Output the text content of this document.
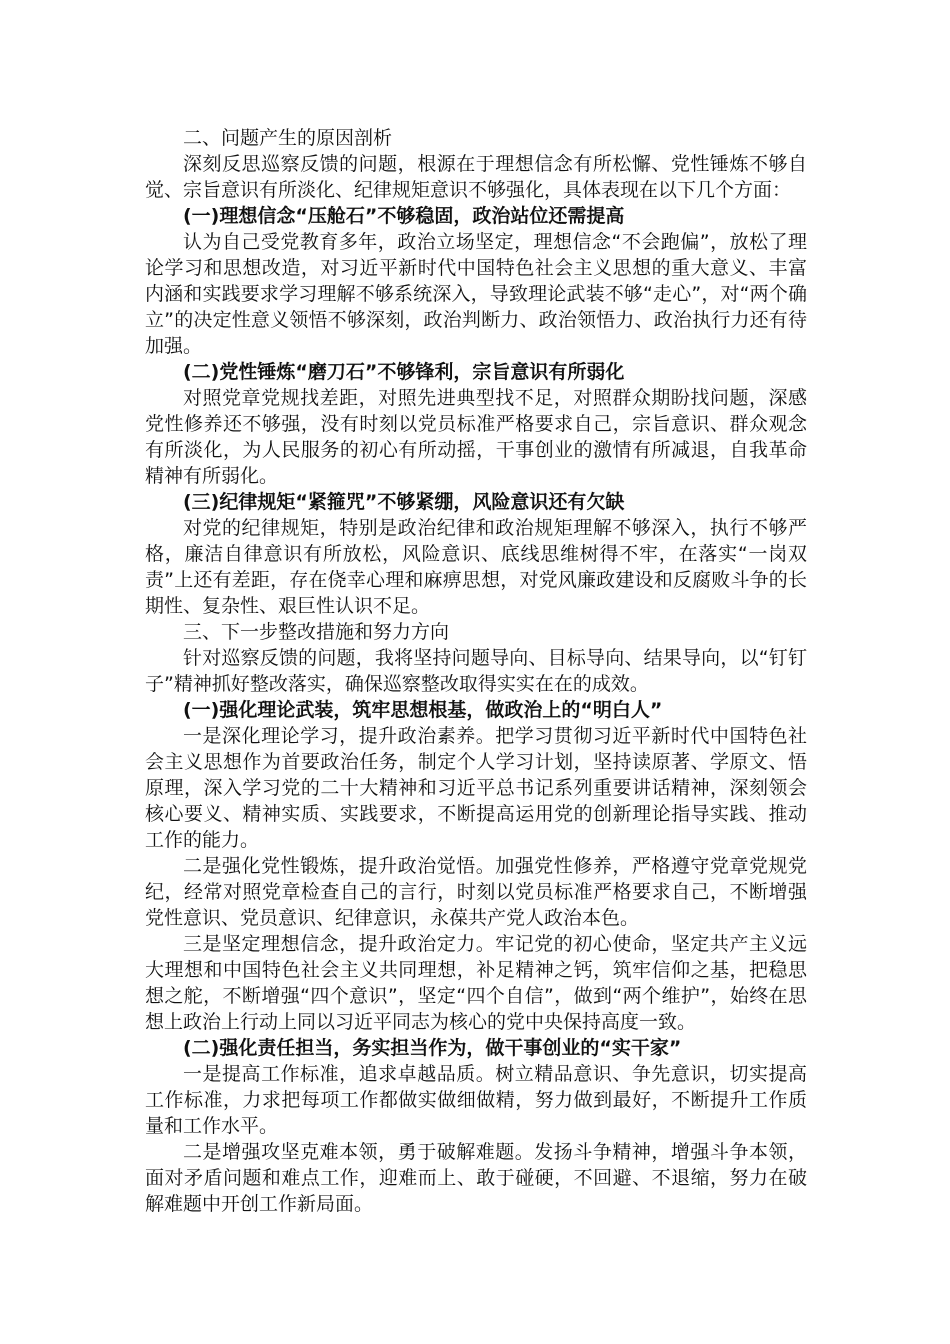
二、问题产生的原因剖析

深刻反思巡察反馈的问题，根源在于理想信念有所松懈、党性锤炼不够自觉、宗旨意识有所淡化、纪律规矩意识不够强化，具体表现在以下几个方面：

(一)理想信念“压舱石”不够稳固，政治站位还需提高

认为自己受党教育多年，政治立场坚定，理想信念“不会跑偏”，放松了理论学习和思想改造，对习近平新时代中国特色社会主义思想的重大意义、丰富内涵和实践要求学习理解不够系统深入，导致理论武装不够“走心”，对“两个确立”的决定性意义领悟不够深刻，政治判断力、政治领悟力、政治执行力还有待加强。

(二)党性锤炼“磨刀石”不够锋利，宗旨意识有所弱化

对照党章党规找差距，对照先进典型找不足，对照群众期盼找问题，深感党性修养还不够强，没有时刻以党员标准严格要求自己，宗旨意识、群众观念有所淡化，为人民服务的初心有所动摇，干事创业的激情有所减退，自我革命精神有所弱化。

(三)纪律规矩“紧箍咒”不够紧绷，风险意识还有欠缺

对党的纪律规矩，特别是政治纪律和政治规矩理解不够深入，执行不够严格，廉洁自律意识有所放松，风险意识、底线思维树得不牢，在落实“一岗双责”上还有差距，存在侥幸心理和麻痹思想，对党风廉政建设和反腐败斗争的长期性、复杂性、艰巨性认识不足。

三、下一步整改措施和努力方向

针对巡察反馈的问题，我将坚持问题导向、目标导向、结果导向，以“钉钉子”精神抓好整改落实，确保巡察整改取得实实在在的成效。

(一)强化理论武装，筑牢思想根基，做政治上的“明白人”

一是深化理论学习，提升政治素养。把学习贯彻习近平新时代中国特色社会主义思想作为首要政治任务，制定个人学习计划，坚持读原著、学原文、悟原理，深入学习党的二十大精神和习近平总书记系列重要讲话精神，深刻领会核心要义、精神实质、实践要求，不断提高运用党的创新理论指导实践、推动工作的能力。

二是强化党性锻炼，提升政治觉悟。加强党性修养，严格遵守党章党规党纪，经常对照党章检查自己的言行，时刻以党员标准严格要求自己，不断增强党性意识、党员意识、纪律意识，永葆共产党人政治本色。

三是坚定理想信念，提升政治定力。牢记党的初心使命，坚定共产主义远大理想和中国特色社会主义共同理想，补足精神之钙，筑牢信仰之基，把稳思想之舵，不断增强“四个意识”，坚定“四个自信”，做到“两个维护”，始终在思想上政治上行动上同以习近平同志为核心的党中央保持高度一致。

(二)强化责任担当，务实担当作为，做干事创业的“实干家”

一是提高工作标准，追求卓越品质。树立精品意识、争先意识，切实提高工作标准，力求把每项工作都做实做细做精，努力做到最好，不断提升工作质量和工作水平。

二是增强攻坚克难本领，勇于破解难题。发扬斗争精神，增强斗争本领，面对矛盾问题和难点工作，迎难而上、敢于碰硬，不回避、不退缩，努力在破解难题中开创工作新局面。
